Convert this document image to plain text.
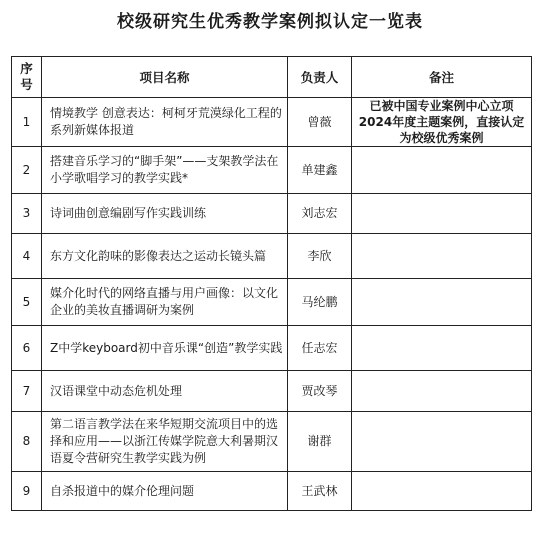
校级研究生优秀教学案例拟认定一览表
序
号	项目名称	负责人	备注
1	情境教学 创意表达：柯柯牙荒漠绿化工程的系列新媒体报道	曾薇	已被中国专业案例中心立项2024年度主题案例，直接认定为校级优秀案例
2	搭建音乐学习的“脚手架”——支架教学法在小学歌唱学习的教学实践*	单建鑫	
3	诗词曲创意编剧写作实践训练	刘志宏	
4	东方文化韵味的影像表达之运动长镜头篇	李欣	
5	媒介化时代的网络直播与用户画像：以文化企业的美妆直播调研为案例	马纶鹏	
6	Z中学keyboard初中音乐课“创造”教学实践	任志宏	
7	汉语课堂中动态危机处理	贾改琴	
8	第二语言教学法在来华短期交流项目中的选择和应用——以浙江传媒学院意大利暑期汉语夏令营研究生教学实践为例	谢群	
9	自杀报道中的媒介伦理问题	王武林	
